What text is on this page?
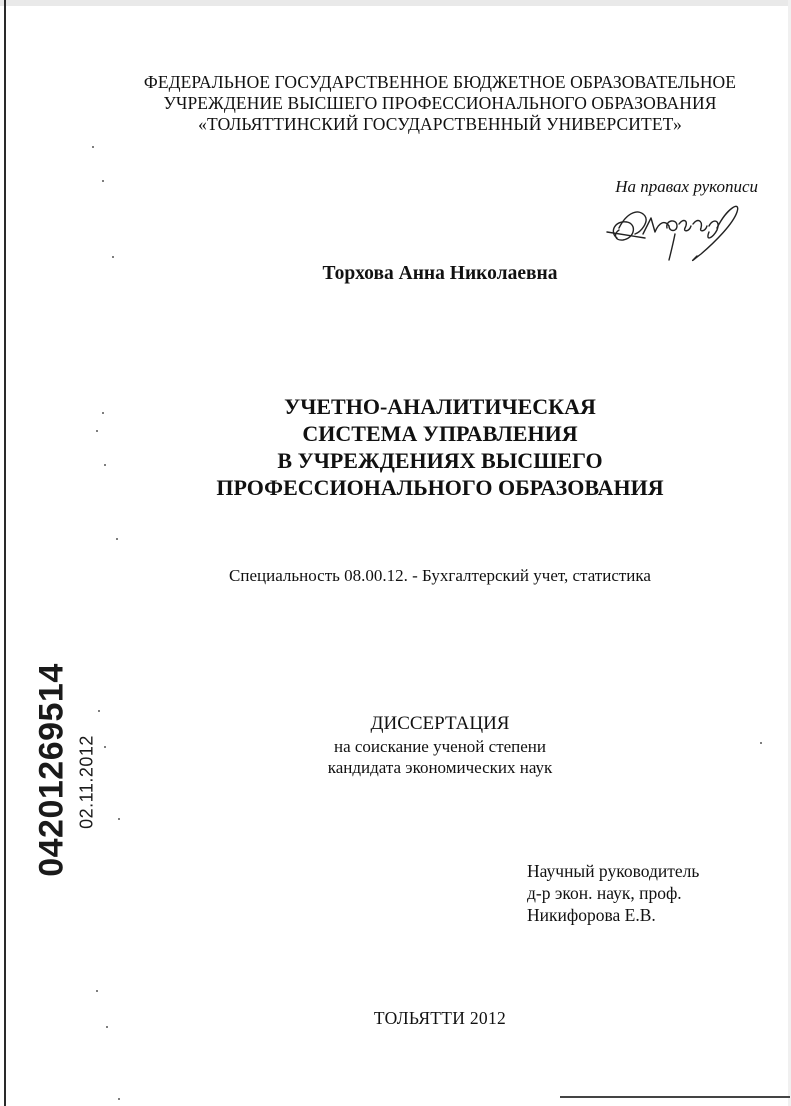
ФЕДЕРАЛЬНОЕ ГОСУДАРСТВЕННОЕ БЮДЖЕТНОЕ ОБРАЗОВАТЕЛЬНОЕ
УЧРЕЖДЕНИЕ ВЫСШЕГО ПРОФЕССИОНАЛЬНОГО ОБРАЗОВАНИЯ
«ТОЛЬЯТТИНСКИЙ ГОСУДАРСТВЕННЫЙ УНИВЕРСИТЕТ»
На правах рукописи
Торхова Анна Николаевна
УЧЕТНО-АНАЛИТИЧЕСКАЯ
СИСТЕМА УПРАВЛЕНИЯ
В УЧРЕЖДЕНИЯХ ВЫСШЕГО
ПРОФЕССИОНАЛЬНОГО ОБРАЗОВАНИЯ
Специальность 08.00.12. - Бухгалтерский учет, статистика
ДИССЕРТАЦИЯ
на соискание ученой степени
кандидата экономических наук
Научный руководитель
д-р экон. наук, проф.
Никифорова Е.В.
ТОЛЬЯТТИ 2012
04201269514 02.11.2012
